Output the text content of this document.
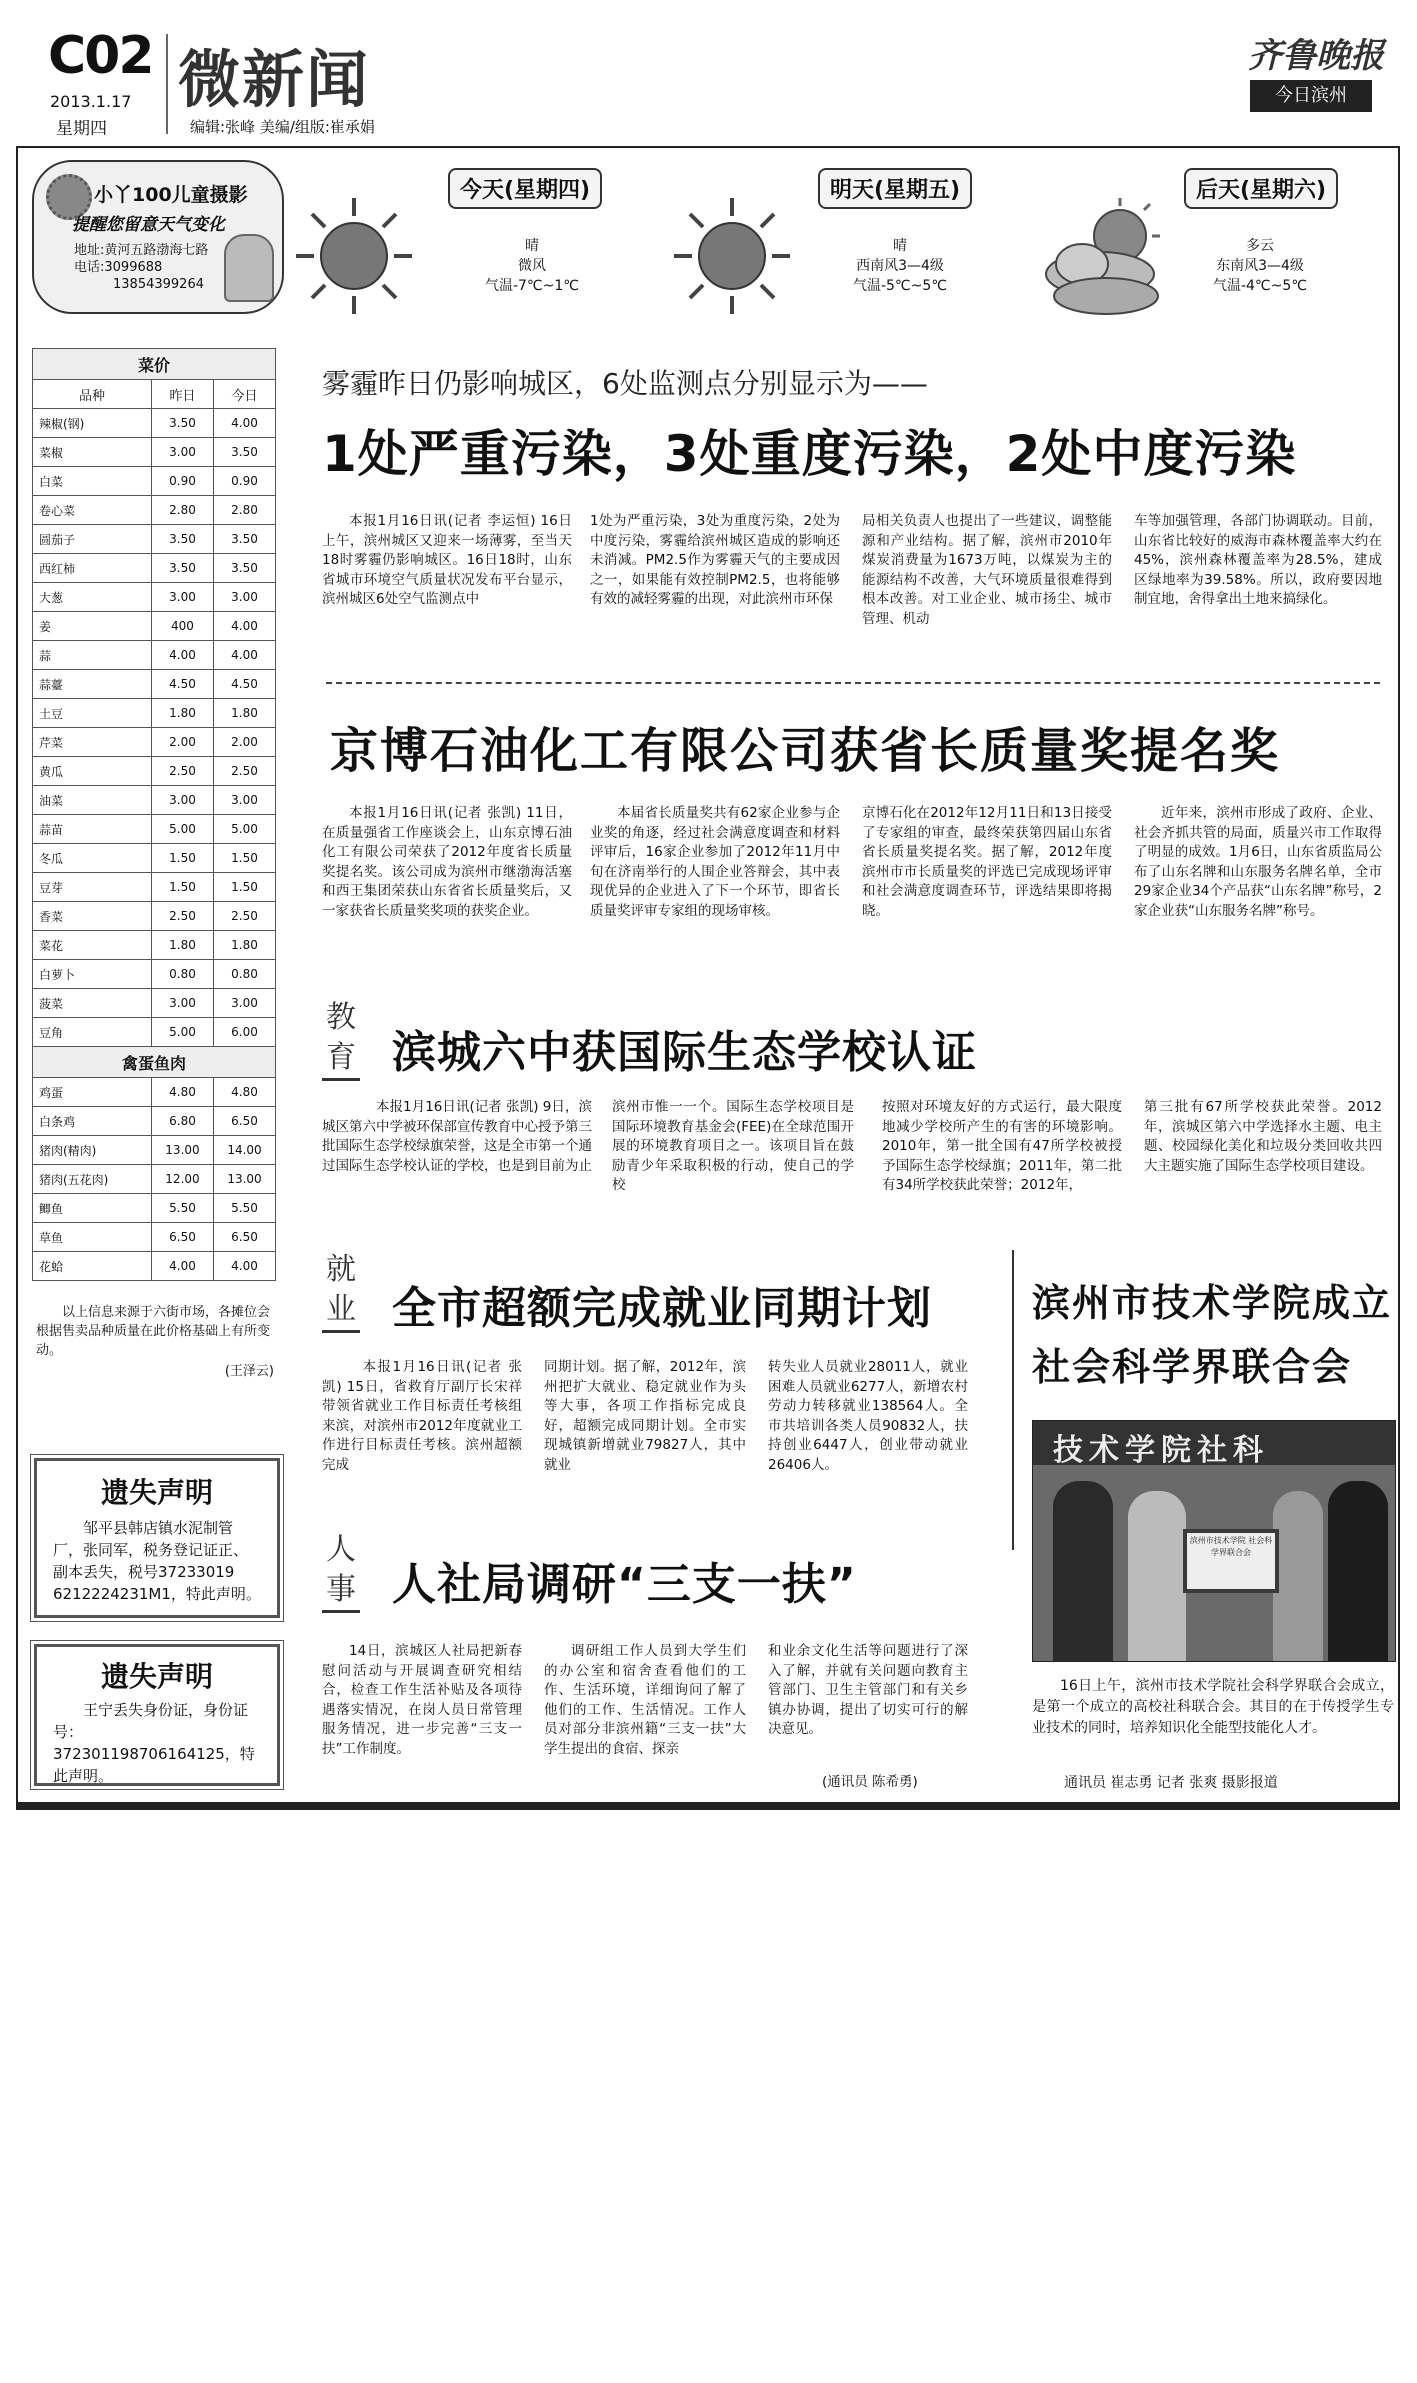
C02
2013.1.17
星期四
微新闻
编辑:张峰 美编/组版:崔承娟
齐鲁晚报
今日滨州
小丫100儿童摄影
提醒您留意天气变化
地址:黄河五路渤海七路
电话:3099688
13854399264
今天(星期四)
晴
微风
气温-7℃~1℃
明天(星期五)
晴
西南风3—4级
气温-5℃~5℃
后天(星期六)
多云
东南风3—4级
气温-4℃~5℃
菜价		
品种	昨日	今日
辣椒(钢)	3.50	4.00
菜椒	3.00	3.50
白菜	0.90	0.90
卷心菜	2.80	2.80
圆茄子	3.50	3.50
西红柿	3.50	3.50
大葱	3.00	3.00
姜	400	4.00
蒜	4.00	4.00
蒜薹	4.50	4.50
土豆	1.80	1.80
芹菜	2.00	2.00
黄瓜	2.50	2.50
油菜	3.00	3.00
蒜苗	5.00	5.00
冬瓜	1.50	1.50
豆芽	1.50	1.50
香菜	2.50	2.50
菜花	1.80	1.80
白萝卜	0.80	0.80
菠菜	3.00	3.00
豆角	5.00	6.00
禽蛋鱼肉		
鸡蛋	4.80	4.80
白条鸡	6.80	6.50
猪肉(精肉)	13.00	14.00
猪肉(五花肉)	12.00	13.00
鲫鱼	5.50	5.50
草鱼	6.50	6.50
花蛤	4.00	4.00
以上信息来源于六街市场，各摊位会根据售卖品种质量在此价格基础上有所变动。
(王泽云)
遗失声明
邹平县韩店镇水泥制管厂，张同军，税务登记证正、副本丢失，税号37233019 6212224231M1，特此声明。
遗失声明
王宁丢失身份证，身份证号：372301198706164125，特此声明。
雾霾昨日仍影响城区，6处监测点分别显示为——
1处严重污染，3处重度污染，2处中度污染
本报1月16日讯(记者 李运恒) 16日上午，滨州城区又迎来一场薄雾，至当天18时雾霾仍影响城区。16日18时，山东省城市环境空气质量状况发布平台显示，滨州城区6处空气监测点中
1处为严重污染，3处为重度污染，2处为中度污染，雾霾给滨州城区造成的影响还未消减。PM2.5作为雾霾天气的主要成因之一，如果能有效控制PM2.5，也将能够有效的减轻雾霾的出现，对此滨州市环保
局相关负责人也提出了一些建议，调整能源和产业结构。据了解，滨州市2010年煤炭消费量为1673万吨，以煤炭为主的能源结构不改善，大气环境质量很难得到根本改善。对工业企业、城市扬尘、城市管理、机动
车等加强管理，各部门协调联动。目前，山东省比较好的威海市森林覆盖率大约在45%，滨州森林覆盖率为28.5%，建成区绿地率为39.58%。所以，政府要因地制宜地，舍得拿出土地来搞绿化。
京博石油化工有限公司获省长质量奖提名奖
本报1月16日讯(记者 张凯) 11日，在质量强省工作座谈会上，山东京博石油化工有限公司荣获了2012年度省长质量奖提名奖。该公司成为滨州市继渤海活塞和西王集团荣获山东省省长质量奖后，又一家获省长质量奖奖项的获奖企业。
本届省长质量奖共有62家企业参与企业奖的角逐，经过社会满意度调查和材料评审后，16家企业参加了2012年11月中旬在济南举行的人围企业答辩会，其中表现优异的企业进入了下一个环节，即省长质量奖评审专家组的现场审核。
京博石化在2012年12月11日和13日接受了专家组的审查，最终荣获第四届山东省省长质量奖提名奖。据了解，2012年度滨州市市长质量奖的评选已完成现场评审和社会满意度调查环节，评选结果即将揭晓。
近年来，滨州市形成了政府、企业、社会齐抓共管的局面，质量兴市工作取得了明显的成效。1月6日，山东省质监局公布了山东名牌和山东服务名牌名单，全市29家企业34个产品获“山东名牌”称号，2家企业获“山东服务名牌”称号。
教育 滨城六中获国际生态学校认证
本报1月16日讯(记者 张凯) 9日，滨城区第六中学被环保部宣传教育中心授予第三批国际生态学校绿旗荣誉，这是全市第一个通过国际生态学校认证的学校，也是到目前为止
滨州市惟一一个。国际生态学校项目是国际环境教育基金会(FEE)在全球范围开展的环境教育项目之一。该项目旨在鼓励青少年采取积极的行动，使自己的学校
按照对环境友好的方式运行，最大限度地减少学校所产生的有害的环境影响。2010年，第一批全国有47所学校被授予国际生态学校绿旗；2011年，第二批有34所学校获此荣誉；2012年，
第三批有67所学校获此荣誉。2012年，滨城区第六中学选择水主题、电主题、校园绿化美化和垃圾分类回收共四大主题实施了国际生态学校项目建设。
就业 全市超额完成就业同期计划
本报1月16日讯(记者 张凯) 15日，省救育厅副厅长宋祥带领省就业工作目标责任考核组来滨，对滨州市2012年度就业工作进行目标责任考核。滨州超额完成
同期计划。据了解，2012年，滨州把扩大就业、稳定就业作为头等大事，各项工作指标完成良好，超额完成同期计划。全市实现城镇新增就业79827人，其中就业
转失业人员就业28011人，就业困难人员就业6277人，新增农村劳动力转移就业138564人。全市共培训各类人员90832人，扶持创业6447人，创业带动就业26406人。
人事 人社局调研“三支一扶”
14日，滨城区人社局把新春慰问活动与开展调查研究相结合，检查工作生活补贴及各项待遇落实情况，在岗人员日常管理服务情况，进一步完善“三支一扶”工作制度。
调研组工作人员到大学生们的办公室和宿舍查看他们的工作、生活环境，详细询问了解了他们的工作、生活情况。工作人员对部分非滨州籍“三支一扶”大学生提出的食宿、探亲
和业余文化生活等问题进行了深入了解，并就有关问题向教育主管部门、卫生主管部门和有关乡镇办协调，提出了切实可行的解决意见。
(通讯员 陈希勇)
滨州市技术学院成立
社会科学界联合会
技术学院社科
滨州市技术学院 社会科学界联合会
16日上午，滨州市技术学院社会科学界联合会成立，是第一个成立的高校社科联合会。其目的在于传授学生专业技术的同时，培养知识化全能型技能化人才。
通讯员 崔志勇 记者 张爽 摄影报道
